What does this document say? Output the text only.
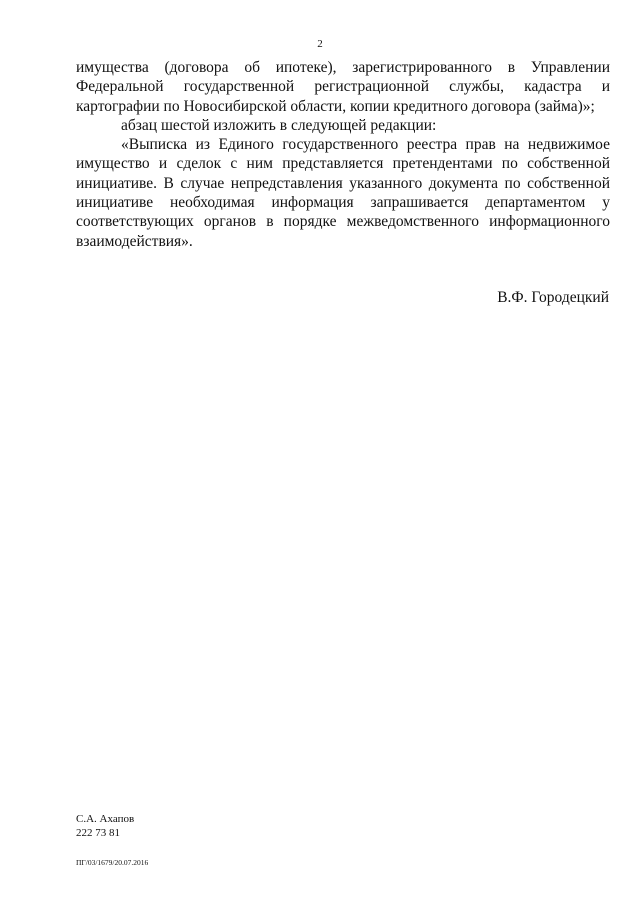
2

имущества (договора об ипотеке), зарегистрированного в Управлении Федеральной государственной регистрационной службы, кадастра и картографии по Новосибирской области, копии кредитного договора (займа)»;

абзац шестой изложить в следующей редакции:

«Выписка из Единого государственного реестра прав на недвижимое имущество и сделок с ним представляется претендентами по собственной инициативе. В случае непредставления указанного документа по собственной инициативе необходимая информация запрашивается департаментом у соответствующих органов в порядке межведомственного информационного взаимодействия».

В.Ф. Городецкий
С.А. Ахапов
222 73 81
ПГ/03/1679/20.07.2016
